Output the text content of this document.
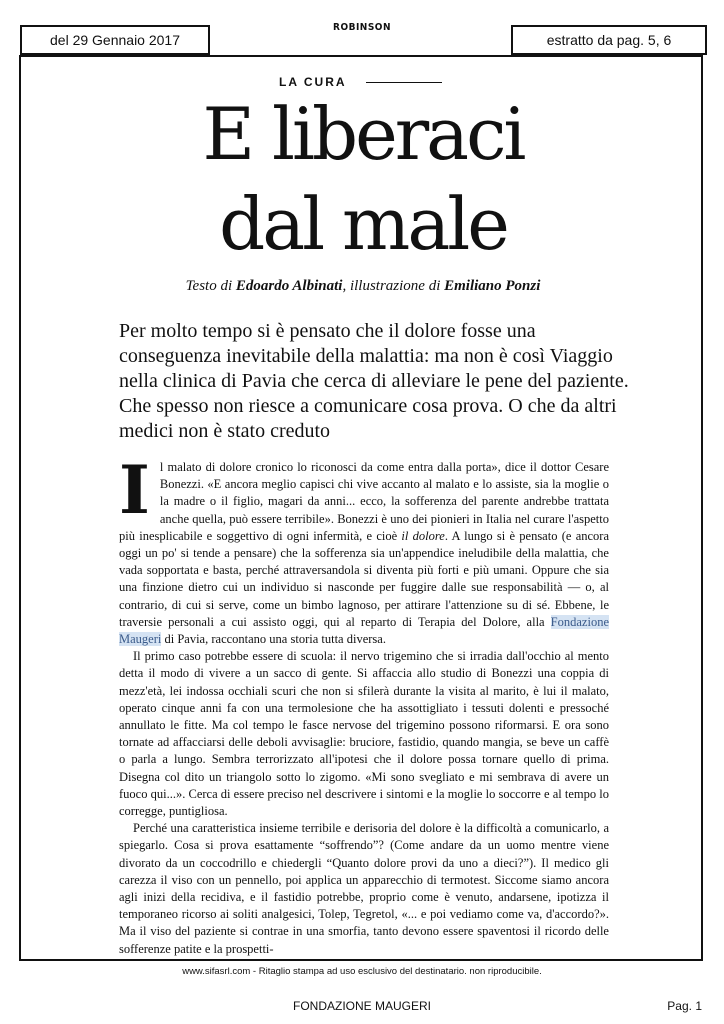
del 29 Gennaio 2017
ROBINSON
estratto da pag. 5, 6
LA CURA
E liberaci
dal male
Testo di Edoardo Albinati, illustrazione di Emiliano Ponzi

Per molto tempo si è pensato che il dolore fosse una conseguenza inevitabile della malattia: ma non è così Viaggio nella clinica di Pavia che cerca di alleviare le pene del paziente. Che spesso non riesce a comunicare cosa prova. O che da altri medici non è stato creduto

Il malato di dolore cronico lo riconosci da come entra dalla porta», dice il dottor Cesare Bonezzi. «E ancora meglio capisci chi vive accanto al malato e lo assiste, sia la moglie o la madre o il figlio, magari da anni... ecco, la sofferenza del parente andrebbe trattata anche quella, può essere terribile». Bonezzi è uno dei pionieri in Italia nel curare l'aspetto più inesplicabile e soggettivo di ogni infermità, e cioè il dolore. A lungo si è pensato (e ancora oggi un po' si tende a pensare) che la sofferenza sia un'appendice ineludibile della malattia, che vada sopportata e basta, perché attraversandola si diventa più forti e più umani. Oppure che sia una finzione dietro cui un individuo si nasconde per fuggire dalle sue responsabilità — o, al contrario, di cui si serve, come un bimbo lagnoso, per attirare l'attenzione su di sé. Ebbene, le traversie personali a cui assisto oggi, qui al reparto di Terapia del Dolore, alla Fondazione Maugeri di Pavia, raccontano una storia tutta diversa.

Il primo caso potrebbe essere di scuola: il nervo trigemino che si irradia dall'occhio al mento detta il modo di vivere a un sacco di gente. Si affaccia allo studio di Bonezzi una coppia di mezz'età, lei indossa occhiali scuri che non si sfilerà durante la visita al marito, è lui il malato, operato cinque anni fa con una termolesione che ha assottigliato i tessuti dolenti e pressoché annullato le fitte. Ma col tempo le fasce nervose del trigemino possono riformarsi. E ora sono tornate ad affacciarsi delle deboli avvisaglie: bruciore, fastidio, quando mangia, se beve un caffè o parla a lungo. Sembra terrorizzato all'ipotesi che il dolore possa tornare quello di prima. Disegna col dito un triangolo sotto lo zigomo. «Mi sono svegliato e mi sembrava di avere un fuoco qui...». Cerca di essere preciso nel descrivere i sintomi e la moglie lo soccorre e al tempo lo corregge, puntigliosa.

Perché una caratteristica insieme terribile e derisoria del dolore è la difficoltà a comunicarlo, a spiegarlo. Cosa si prova esattamente “soffrendo”? (Come andare da un uomo mentre viene divorato da un coccodrillo e chiedergli “Quanto dolore provi da uno a dieci?”). Il medico gli carezza il viso con un pennello, poi applica un apparecchio di termotest. Siccome siamo ancora agli inizi della recidiva, e il fastidio potrebbe, proprio come è venuto, andarsene, ipotizza il temporaneo ricorso ai soliti analgesici, Tolep, Tegretol, «... e poi vediamo come va, d'accordo?». Ma il viso del paziente si contrae in una smorfia, tanto devono essere spaventosi il ricordo delle sofferenze patite e la prospetti-

www.sifasrl.com - Ritaglio stampa ad uso esclusivo del destinatario. non riproducibile.
FONDAZIONE MAUGERI	Pag. 1
